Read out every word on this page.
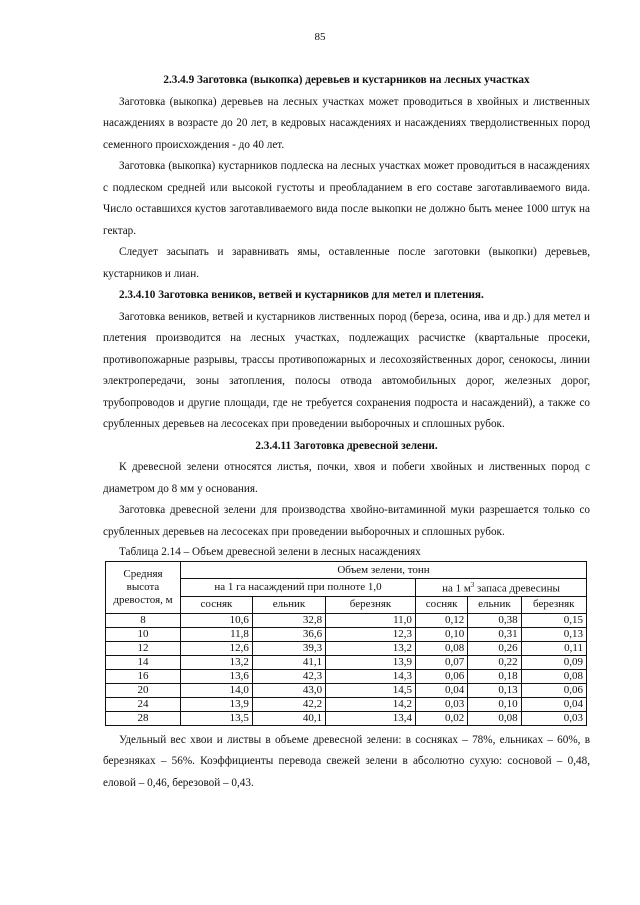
85

2.3.4.9 Заготовка (выкопка) деревьев и кустарников на лесных участках

Заготовка (выкопка) деревьев на лесных участках может проводиться в хвойных и лиственных насаждениях в возрасте до 20 лет, в кедровых насаждениях и насаждениях твердолиственных пород семенного происхождения - до 40 лет.

Заготовка (выкопка) кустарников подлеска на лесных участках может проводиться в насаждениях с подлеском средней или высокой густоты и преобладанием в его составе заготавливаемого вида. Число оставшихся кустов заготавливаемого вида после выкопки не должно быть менее 1000 штук на гектар.

Следует засыпать и заравнивать ямы, оставленные после заготовки (выкопки) деревьев, кустарников и лиан.

2.3.4.10 Заготовка веников, ветвей и кустарников для метел и плетения.

Заготовка веников, ветвей и кустарников лиственных пород (береза, осина, ива и др.) для метел и плетения производится на лесных участках, подлежащих расчистке (квартальные просеки, противопожарные разрывы, трассы противопожарных и лесохозяйственных дорог, сенокосы, линии электропередачи, зоны затопления, полосы отвода автомобильных дорог, железных дорог, трубопроводов и другие площади, где не требуется сохранения подроста и насаждений), а также со срубленных деревьев на лесосеках при проведении выборочных и сплошных рубок.

2.3.4.11 Заготовка древесной зелени.

К древесной зелени относятся листья, почки, хвоя и побеги хвойных и лиственных пород с диаметром до 8 мм у основания.

Заготовка древесной зелени для производства хвойно-витаминной муки разрешается только со срубленных деревьев на лесосеках при проведении выборочных и сплошных рубок.

Таблица 2.14 – Объем древесной зелени в лесных насаждениях

Средняя высота древостоя, м	Объем зелени, тонн					
	на 1 га насаждений при полноте 1,0			на 1 $м^3$ запаса древесины		
	сосняк	ельник	березняк	сосняк	ельник	березняк
8	10,6	32,8	11,0	0,12	0,38	0,15
10	11,8	36,6	12,3	0,10	0,31	0,13
12	12,6	39,3	13,2	0,08	0,26	0,11
14	13,2	41,1	13,9	0,07	0,22	0,09
16	13,6	42,3	14,3	0,06	0,18	0,08
20	14,0	43,0	14,5	0,04	0,13	0,06
24	13,9	42,2	14,2	0,03	0,10	0,04
28	13,5	40,1	13,4	0,02	0,08	0,03

Удельный вес хвои и листвы в объеме древесной зелени: в сосняках – 78%, ельниках – 60%, в березняках – 56%. Коэффициенты перевода свежей зелени в абсолютно сухую: сосновой – 0,48, еловой – 0,46, березовой – 0,43.
